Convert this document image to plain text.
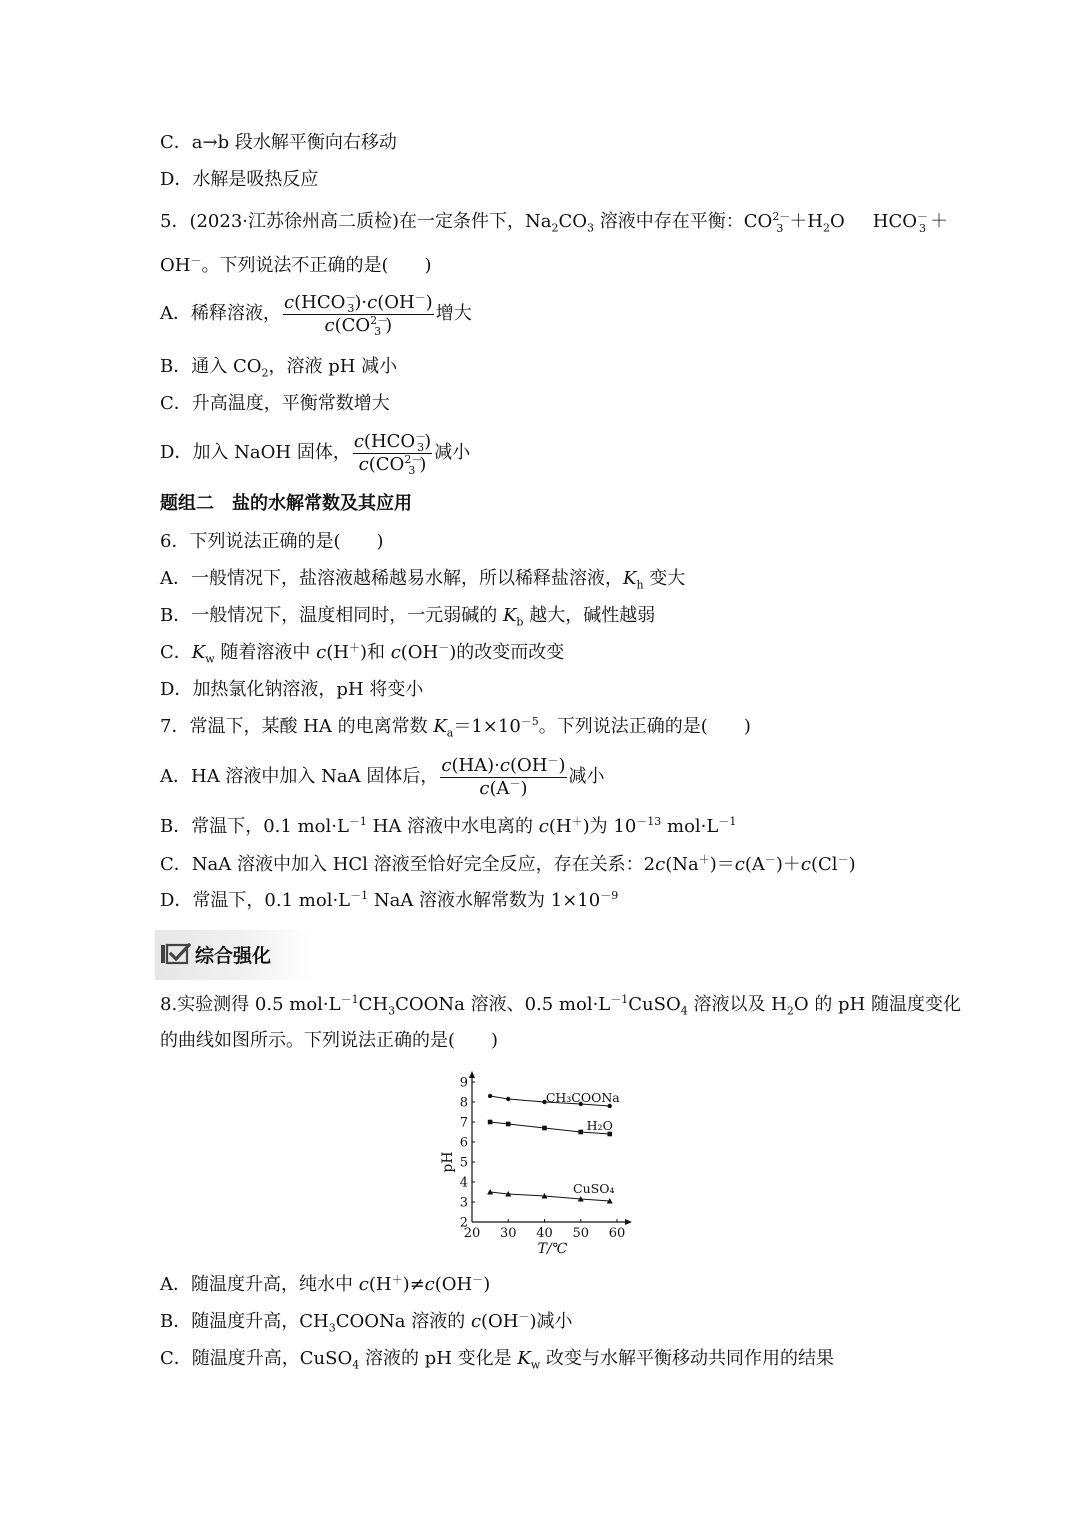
C．a→b 段水解平衡向右移动
D．水解是吸热反应
5．(2023·江苏徐州高二质检)在一定条件下，$Na_2CO_3$ 溶液中存在平衡：$CO^{2-}_3 +H_2O$ $HCO^-_3$ ＋
OH－。下列说法不正确的是(　　)
A．稀释溶液， $\frac{c(HCO^-_3)\cdot c(OH^-)}{c(CO^{2-}_3 )}$ 增大
B．通入 $CO_2$，溶液 pH 减小
C．升高温度，平衡常数增大
D．加入 NaOH 固体， $\frac{c(HCO^-_3)}{c(CO^{2-}_3 )}$ 减小
题组二　盐的水解常数及其应用
6．下列说法正确的是(　　)
A．一般情况下，盐溶液越稀越易水解，所以稀释盐溶液，$K_h$ 变大
B．一般情况下，温度相同时，一元弱碱的 $K_b$ 越大，碱性越弱
C．$K_w$ 随着溶液中 c(H＋)和 c(OH－)的改变而改变
D．加热氯化钠溶液，pH 将变小
7．常温下，某酸 HA 的电离常数 $K_a=1\times 10^{-5}$。下列说法正确的是(　　)
A．HA 溶液中加入 NaA 固体后， $\frac{c(HA)\cdot c(OH^-)}{c(A^-)}$ 减小
B．常温下，0.1 $mol\cdot L^{-1}$ HA 溶液中水电离的 c(H＋)为 $10^{-13}$ $mol\cdot L^{-1}$
C．NaA 溶液中加入 HCl 溶液至恰好完全反应，存在关系：2c(Na＋)＝c(A－)＋c(Cl－)
D．常温下，0.1 $mol\cdot L^{-1}$ NaA 溶液水解常数为 $1\times 10^{-9}$
综合强化
8.实验测得 0.5 $mol\cdot L^{-1}CH_3COONa$ 溶液、0.5 $mol\cdot L^{-1}CuSO_4$ 溶液以及 $H_2O$ 的 pH 随温度变化
的曲线如图所示。下列说法正确的是(　　)
2
3
4
5
6
7
8
9
20 30 40 50 60
pH
T/℃
CH₃COONa
H₂O
CuSO₄
A．随温度升高，纯水中 c(H＋)≠c(OH－)
B．随温度升高，$CH_3COONa$ 溶液的 c(OH－)减小
C．随温度升高，CuSO$_4$ 溶液的 pH 变化是 $K_w$ 改变与水解平衡移动共同作用的结果
